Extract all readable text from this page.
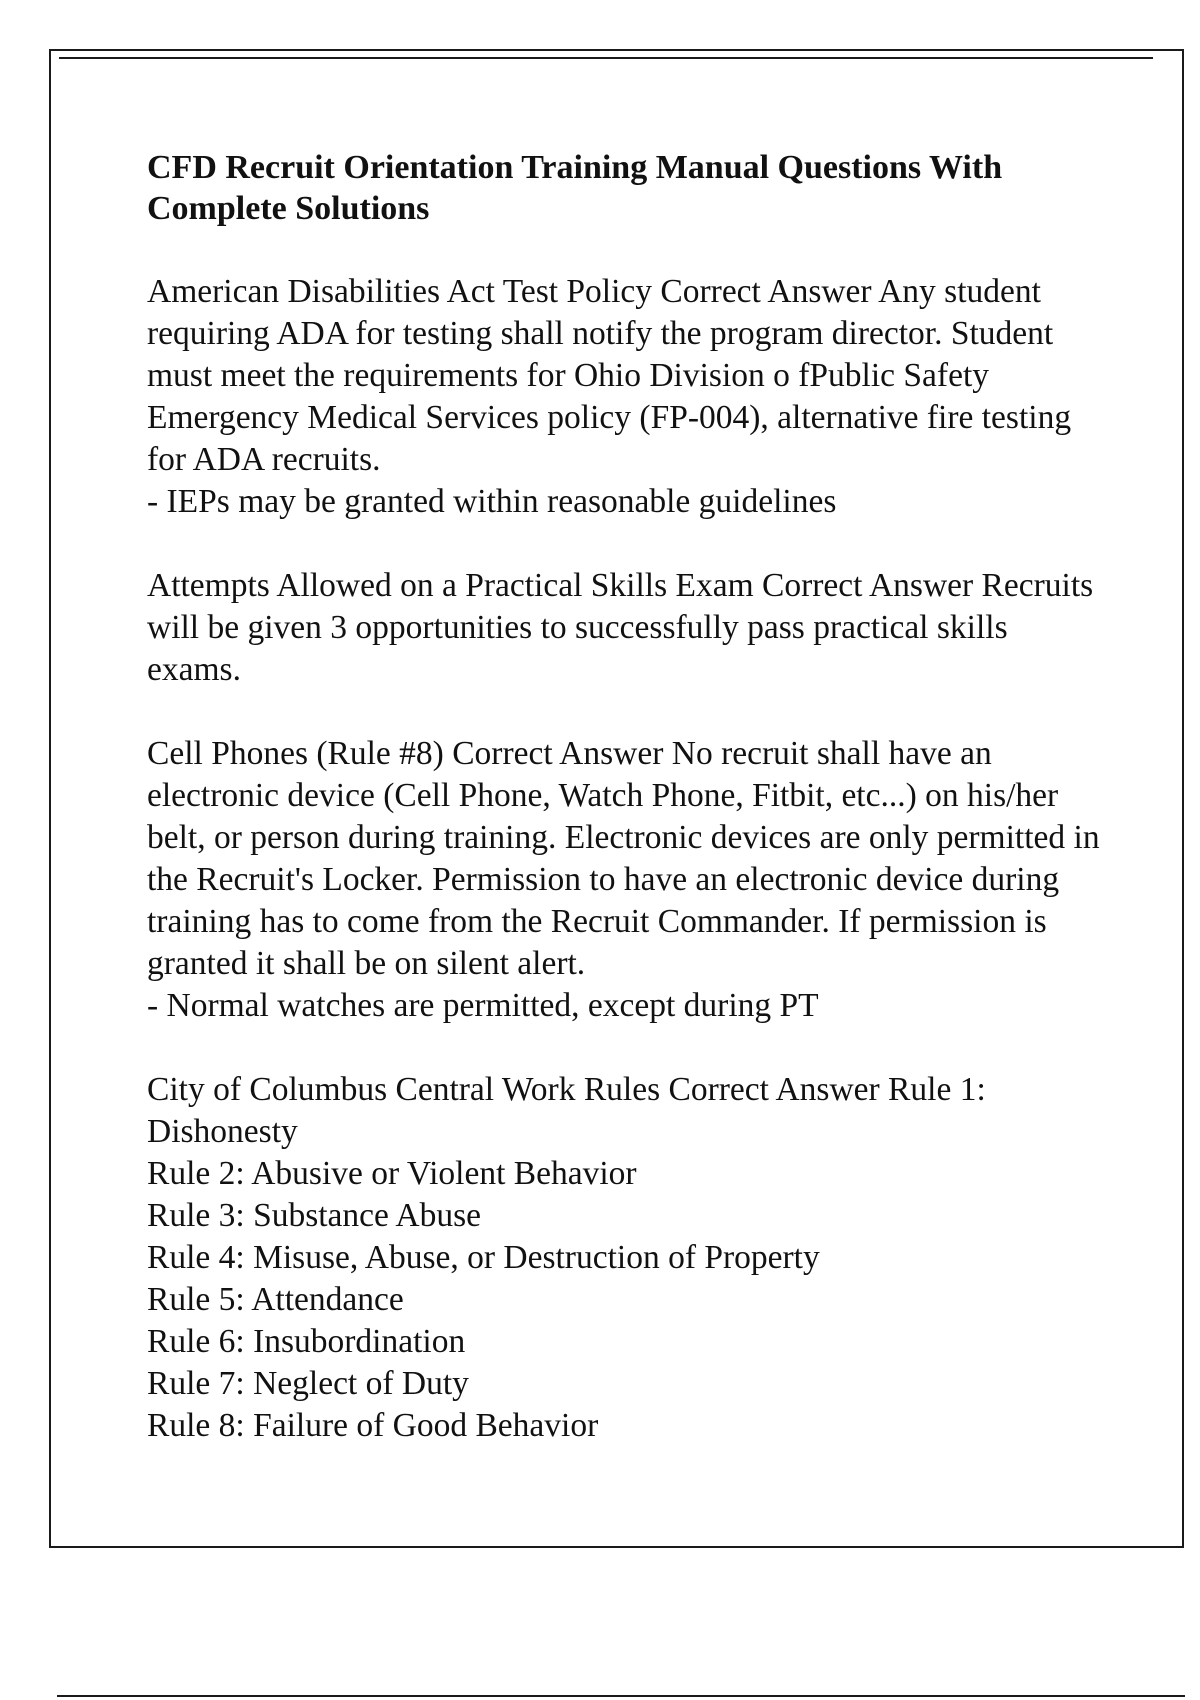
CFD Recruit Orientation Training Manual Questions With Complete Solutions

American Disabilities Act Test Policy Correct Answer Any student requiring ADA for testing shall notify the program director. Student must meet the requirements for Ohio Division o fPublic Safety Emergency Medical Services policy (FP-004), alternative fire testing for ADA recruits.

- IEPs may be granted within reasonable guidelines

Attempts Allowed on a Practical Skills Exam Correct Answer Recruits will be given 3 opportunities to successfully pass practical skills exams.

Cell Phones (Rule #8) Correct Answer No recruit shall have an electronic device (Cell Phone, Watch Phone, Fitbit, etc...) on his/her belt, or person during training. Electronic devices are only permitted in the Recruit's Locker. Permission to have an electronic device during training has to come from the Recruit Commander. If permission is granted it shall be on silent alert.

- Normal watches are permitted, except during PT

City of Columbus Central Work Rules Correct Answer Rule 1: Dishonesty

Rule 2: Abusive or Violent Behavior

Rule 3: Substance Abuse

Rule 4: Misuse, Abuse, or Destruction of Property

Rule 5: Attendance

Rule 6: Insubordination

Rule 7: Neglect of Duty

Rule 8: Failure of Good Behavior
